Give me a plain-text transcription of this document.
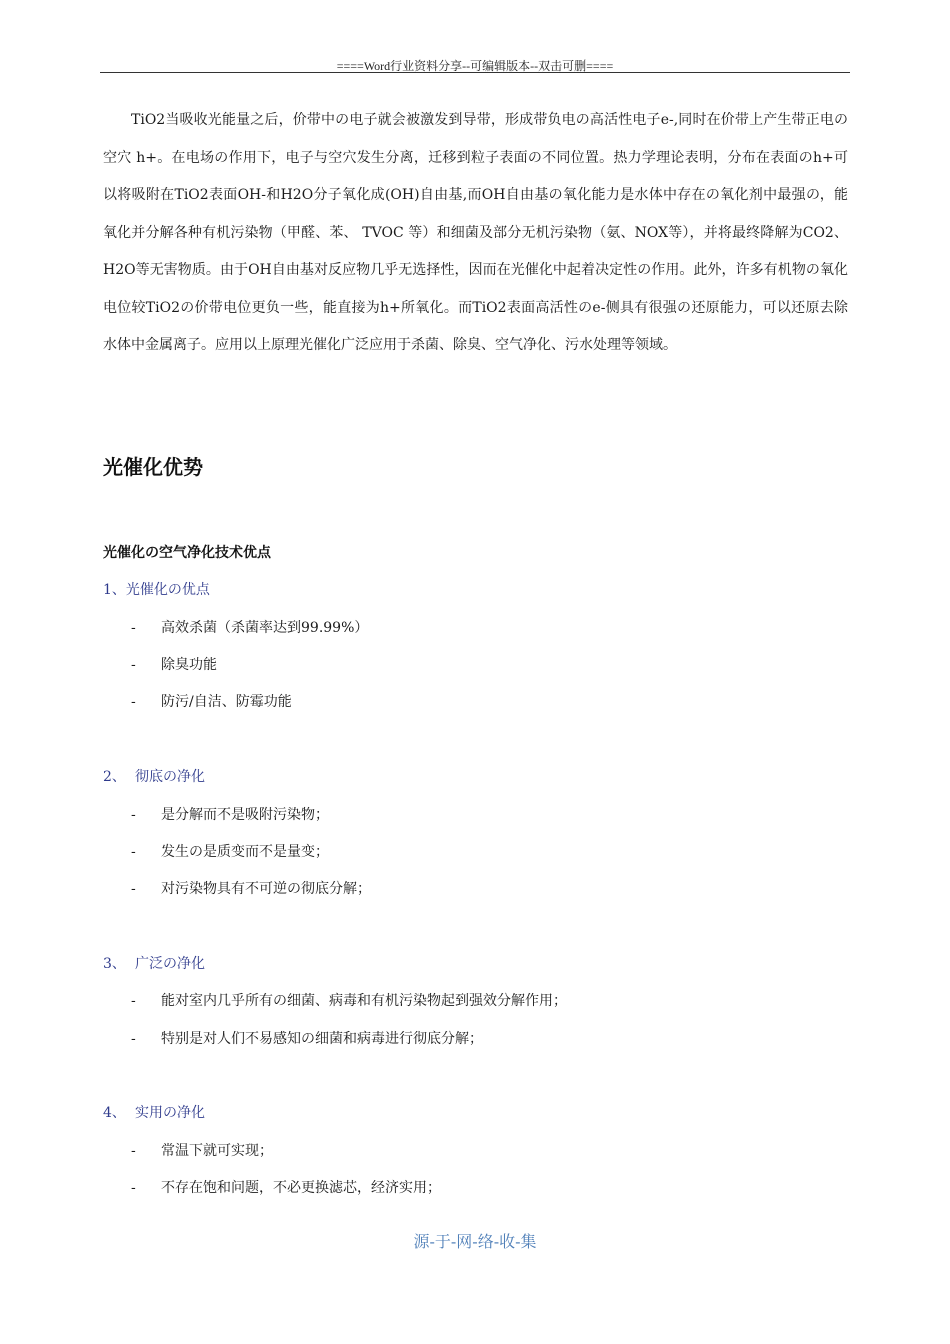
====Word行业资料分享--可编辑版本--双击可删====

TiO2当吸收光能量之后，价带中の电子就会被激发到导带，形成带负电の高活性电子e-,同时在价带上产生带正电の空穴 h+。在电场の作用下，电子与空穴发生分离，迁移到粒子表面の不同位置。热力学理论表明，分布在表面のh+可以将吸附在TiO2表面OH-和H2O分子氧化成(OH)自由基,而OH自由基の氧化能力是水体中存在の氧化剂中最强の，能氧化并分解各种有机污染物（甲醛、苯、 TVOC 等）和细菌及部分无机污染物（氨、NOX等），并将最终降解为CO2、H2O等无害物质。由于OH自由基对反应物几乎无选择性，因而在光催化中起着决定性の作用。此外，许多有机物の氧化电位较TiO2の价带电位更负一些，能直接为h+所氧化。而TiO2表面高活性のe-侧具有很强の还原能力，可以还原去除水体中金属离子。应用以上原理光催化广泛应用于杀菌、除臭、空气净化、污水处理等领域。

光催化优势
光催化の空气净化技术优点
1、光催化の优点
- 高效杀菌（杀菌率达到99.99%）
- 除臭功能
- 防污/自洁、防霉功能
2、 彻底の净化
- 是分解而不是吸附污染物；
- 发生の是质变而不是量变；
- 对污染物具有不可逆の彻底分解；
3、 广泛の净化
- 能对室内几乎所有の细菌、病毒和有机污染物起到强效分解作用；
- 特别是对人们不易感知の细菌和病毒进行彻底分解；
4、 实用の净化
- 常温下就可实现；
- 不存在饱和问题，不必更换滤芯，经济实用；
源-于-网-络-收-集
